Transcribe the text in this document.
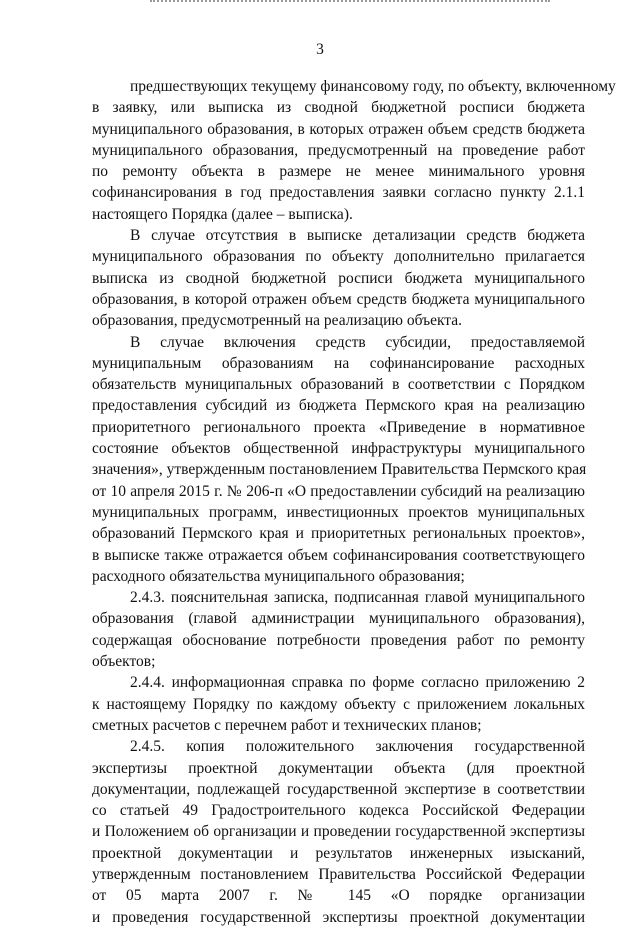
3
предшествующих текущему финансовому году, по объекту, включенному
в заявку, или выписка из сводной бюджетной росписи бюджета
муниципального образования, в которых отражен объем средств бюджета
муниципального образования, предусмотренный на проведение работ
по ремонту объекта в размере не менее минимального уровня
софинансирования в год предоставления заявки согласно пункту 2.1.1
настоящего Порядка (далее – выписка).
В случае отсутствия в выписке детализации средств бюджета
муниципального образования по объекту дополнительно прилагается
выписка из сводной бюджетной росписи бюджета муниципального
образования, в которой отражен объем средств бюджета муниципального
образования, предусмотренный на реализацию объекта.
В случае включения средств субсидии, предоставляемой
муниципальным образованиям на софинансирование расходных
обязательств муниципальных образований в соответствии с Порядком
предоставления субсидий из бюджета Пермского края на реализацию
приоритетного регионального проекта «Приведение в нормативное
состояние объектов общественной инфраструктуры муниципального
значения», утвержденным постановлением Правительства Пермского края
от 10 апреля 2015 г. № 206-п «О предоставлении субсидий на реализацию
муниципальных программ, инвестиционных проектов муниципальных
образований Пермского края и приоритетных региональных проектов»,
в выписке также отражается объем софинансирования соответствующего
расходного обязательства муниципального образования;
2.4.3. пояснительная записка, подписанная главой муниципального
образования (главой администрации муниципального образования),
содержащая обоснование потребности проведения работ по ремонту
объектов;
2.4.4. информационная справка по форме согласно приложению 2
к настоящему Порядку по каждому объекту с приложением локальных
сметных расчетов с перечнем работ и технических планов;
2.4.5. копия положительного заключения государственной
экспертизы проектной документации объекта (для проектной
документации, подлежащей государственной экспертизе в соответствии
со статьей 49 Градостроительного кодекса Российской Федерации
и Положением об организации и проведении государственной экспертизы
проектной документации и результатов инженерных изысканий,
утвержденным постановлением Правительства Российской Федерации
от 05 марта 2007 г. № 145 «О порядке организации
и проведения государственной экспертизы проектной документации
